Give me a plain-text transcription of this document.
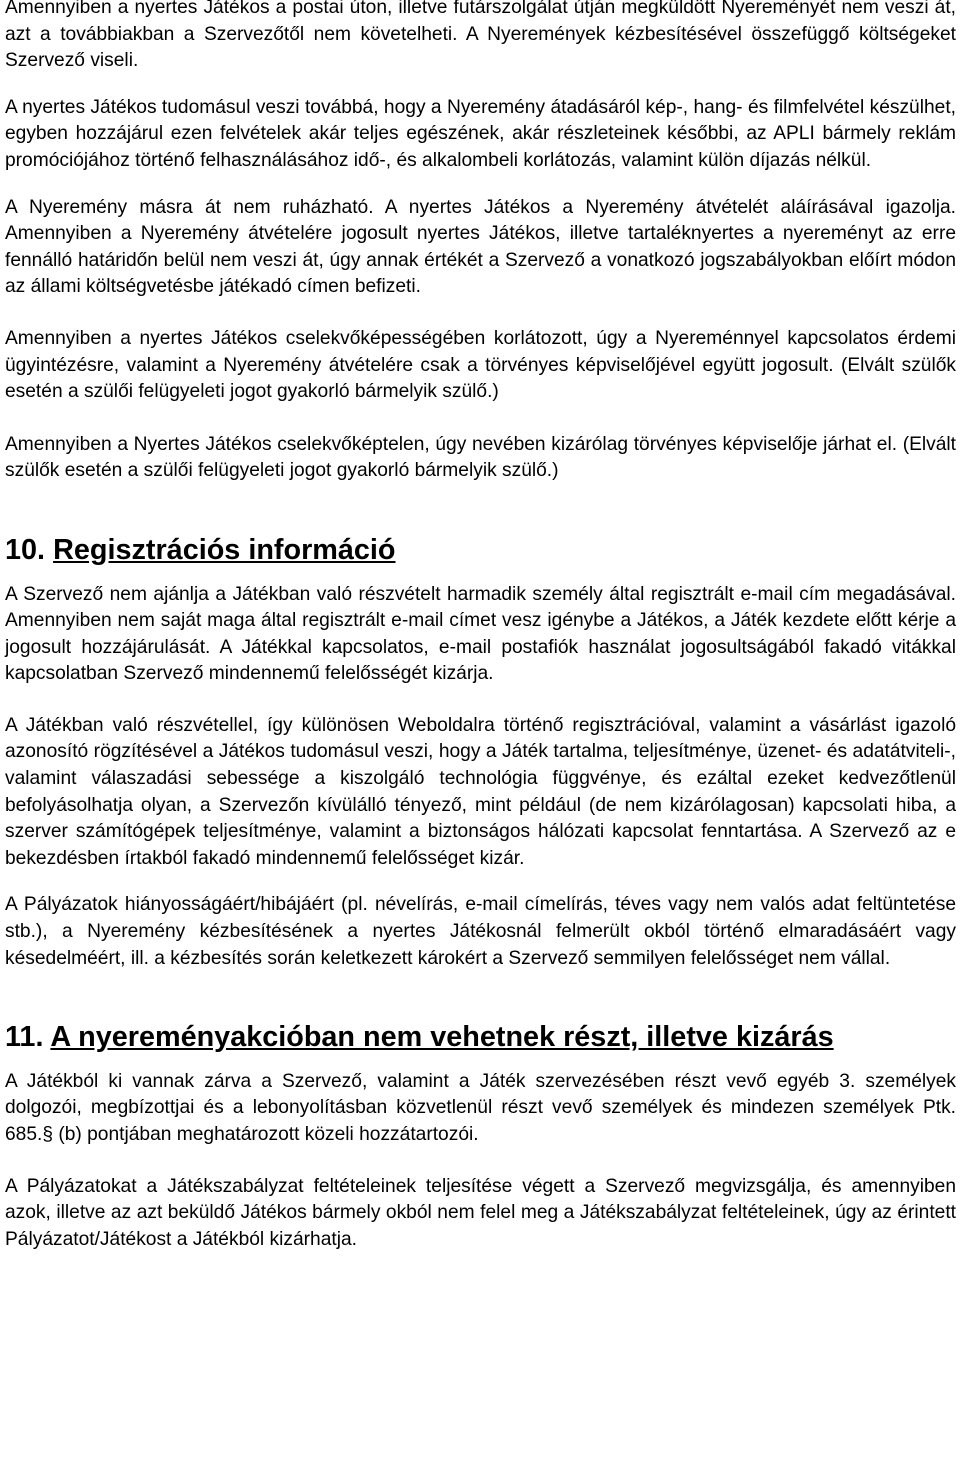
Amennyiben a nyertes Játékos a postai úton, illetve futárszolgálat útján megküldött Nyereményét nem veszi át, azt a továbbiakban a Szervezőtől nem követelheti. A Nyeremények kézbesítésével összefüggő költségeket Szervező viseli.

A nyertes Játékos tudomásul veszi továbbá, hogy a Nyeremény átadásáról kép-, hang- és filmfelvétel készülhet, egyben hozzájárul ezen felvételek akár teljes egészének, akár részleteinek későbbi, az APLI bármely reklám promóciójához történő felhasználásához idő-, és alkalombeli korlátozás, valamint külön díjazás nélkül.

A Nyeremény másra át nem ruházható. A nyertes Játékos a Nyeremény átvételét aláírásával igazolja. Amennyiben a Nyeremény átvételére jogosult nyertes Játékos, illetve tartaléknyertes a nyereményt az erre fennálló határidőn belül nem veszi át, úgy annak értékét a Szervező a vonatkozó jogszabályokban előírt módon az állami költségvetésbe játékadó címen befizeti.

Amennyiben a nyertes Játékos cselekvőképességében korlátozott, úgy a Nyereménnyel kapcsolatos érdemi ügyintézésre, valamint a Nyeremény átvételére csak a törvényes képviselőjével együtt jogosult. (Elvált szülők esetén a szülői felügyeleti jogot gyakorló bármelyik szülő.)

Amennyiben a Nyertes Játékos cselekvőképtelen, úgy nevében kizárólag törvényes képviselője járhat el. (Elvált szülők esetén a szülői felügyeleti jogot gyakorló bármelyik szülő.)

10. Regisztrációs információ

A Szervező nem ajánlja a Játékban való részvételt harmadik személy által regisztrált e-mail cím megadásával. Amennyiben nem saját maga által regisztrált e-mail címet vesz igénybe a Játékos, a Játék kezdete előtt kérje a jogosult hozzájárulását. A Játékkal kapcsolatos, e-mail postafiók használat jogosultságából fakadó vitákkal kapcsolatban Szervező mindennemű felelősségét kizárja.

A Játékban való részvétellel, így különösen Weboldalra történő regisztrációval, valamint a vásárlást igazoló azonosító rögzítésével a Játékos tudomásul veszi, hogy a Játék tartalma, teljesítménye, üzenet- és adatátviteli-, valamint válaszadási sebessége a kiszolgáló technológia függvénye, és ezáltal ezeket kedvezőtlenül befolyásolhatja olyan, a Szervezőn kívülálló tényező, mint például (de nem kizárólagosan) kapcsolati hiba, a szerver számítógépek teljesítménye, valamint a biztonságos hálózati kapcsolat fenntartása. A Szervező az e bekezdésben írtakból fakadó mindennemű felelősséget kizár.

A Pályázatok hiányosságáért/hibájáért (pl. névelírás, e-mail címelírás, téves vagy nem valós adat feltüntetése stb.), a Nyeremény kézbesítésének a nyertes Játékosnál felmerült okból történő elmaradásáért vagy késedelméért, ill. a kézbesítés során keletkezett károkért a Szervező semmilyen felelősséget nem vállal.

11. A nyereményakcióban nem vehetnek részt, illetve kizárás

A Játékból ki vannak zárva a Szervező, valamint a Játék szervezésében részt vevő egyéb 3. személyek dolgozói, megbízottjai és a lebonyolításban közvetlenül részt vevő személyek és mindezen személyek Ptk. 685.§ (b) pontjában meghatározott közeli hozzátartozói.

A Pályázatokat a Játékszabályzat feltételeinek teljesítése végett a Szervező megvizsgálja, és amennyiben azok, illetve az azt beküldő Játékos bármely okból nem felel meg a Játékszabályzat feltételeinek, úgy az érintett Pályázatot/Játékost a Játékból kizárhatja.
